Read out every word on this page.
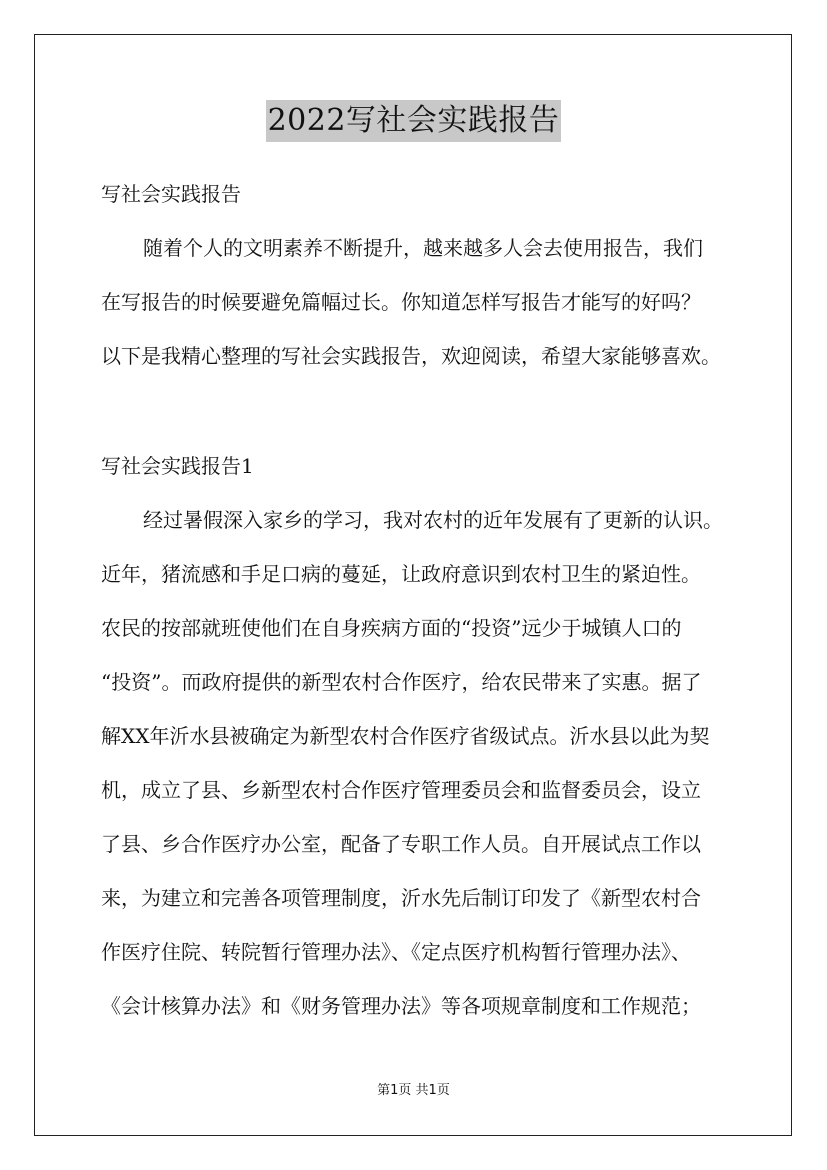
2022写社会实践报告
写社会实践报告
随着个人的文明素养不断提升，越来越多人会去使用报告，我们
在写报告的时候要避免篇幅过长。你知道怎样写报告才能写的好吗？
以下是我精心整理的写社会实践报告，欢迎阅读，希望大家能够喜欢。
写社会实践报告1
经过暑假深入家乡的学习，我对农村的近年发展有了更新的认识。
近年，猪流感和手足口病的蔓延，让政府意识到农村卫生的紧迫性。
农民的按部就班使他们在自身疾病方面的“投资”远少于城镇人口的
“投资”。而政府提供的新型农村合作医疗，给农民带来了实惠。据了
解XX年沂水县被确定为新型农村合作医疗省级试点。沂水县以此为契
机，成立了县、乡新型农村合作医疗管理委员会和监督委员会，设立
了县、乡合作医疗办公室，配备了专职工作人员。自开展试点工作以
来，为建立和完善各项管理制度，沂水先后制订印发了《新型农村合
作医疗住院、转院暂行管理办法》、《定点医疗机构暂行管理办法》、
《会计核算办法》和《财务管理办法》等各项规章制度和工作规范；
第1页 共1页
